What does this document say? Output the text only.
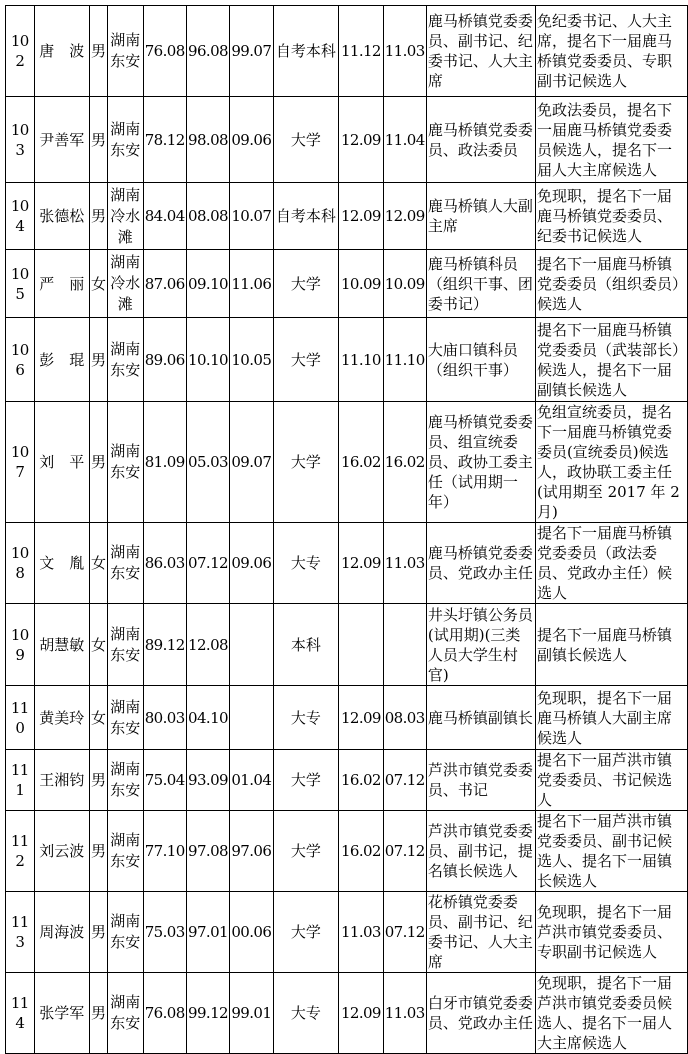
102	唐　波	男	湖南东安	76.08	96.08	99.07	自考本科	11.12	11.03	鹿马桥镇党委委员、副书记、纪委书记、人大主席	免纪委书记、人大主席，提名下一届鹿马桥镇党委委员、专职副书记候选人
103	尹善军	男	湖南东安	78.12	98.08	09.06	大学	12.09	11.04	鹿马桥镇党委委员、政法委员	免政法委员，提名下一届鹿马桥镇党委委员候选人，提名下一届人大主席候选人
104	张德松	男	湖南冷水滩	84.04	08.08	10.07	自考本科	12.09	12.09	鹿马桥镇人大副主席	免现职，提名下一届鹿马桥镇党委委员、纪委书记候选人
105	严　丽	女	湖南冷水滩	87.06	09.10	11.06	大学	10.09	10.09	鹿马桥镇科员（组织干事、团委书记）	提名下一届鹿马桥镇党委委员（组织委员）候选人
106	彭　琨	男	湖南东安	89.06	10.10	10.05	大学	11.10	11.10	大庙口镇科员（组织干事）	提名下一届鹿马桥镇党委委员（武装部长）候选人，提名下一届副镇长候选人
107	刘　平	男	湖南东安	81.09	05.03	09.07	大学	16.02	16.02	鹿马桥镇党委委员、组宣统委员、政协工委主任（试用期一年）	免组宣统委员，提名下一届鹿马桥镇党委委员(宣统委员)候选人，政协联工委主任(试用期至 2017 年 2 月)
108	文　胤	女	湖南东安	86.03	07.12	09.06	大专	12.09	11.03	鹿马桥镇党委委员、党政办主任	提名下一届鹿马桥镇党委委员（政法委员、党政办主任）候选人
109	胡慧敏	女	湖南东安	89.12	12.08		本科			井头圩镇公务员(试用期)(三类人员大学生村官)	提名下一届鹿马桥镇副镇长候选人
110	黄美玲	女	湖南东安	80.03	04.10		大专	12.09	08.03	鹿马桥镇副镇长	免现职，提名下一届鹿马桥镇人大副主席候选人
111	王湘钧	男	湖南东安	75.04	93.09	01.04	大学	16.02	07.12	芦洪市镇党委委员、书记	提名下一届芦洪市镇党委委员、书记候选人
112	刘云波	男	湖南东安	77.10	97.08	97.06	大学	16.02	07.12	芦洪市镇党委委员、副书记，提名镇长候选人	提名下一届芦洪市镇党委委员、副书记候选人、提名下一届镇长候选人
113	周海波	男	湖南东安	75.03	97.01	00.06	大学	11.03	07.12	花桥镇党委委员、副书记、纪委书记、人大主席	免现职，提名下一届芦洪市镇党委委员、专职副书记候选人
114	张学军	男	湖南东安	76.08	99.12	99.01	大专	12.09	11.03	白牙市镇党委委员、党政办主任	免现职，提名下一届芦洪市镇党委委员候选人、提名下一届人大主席候选人
